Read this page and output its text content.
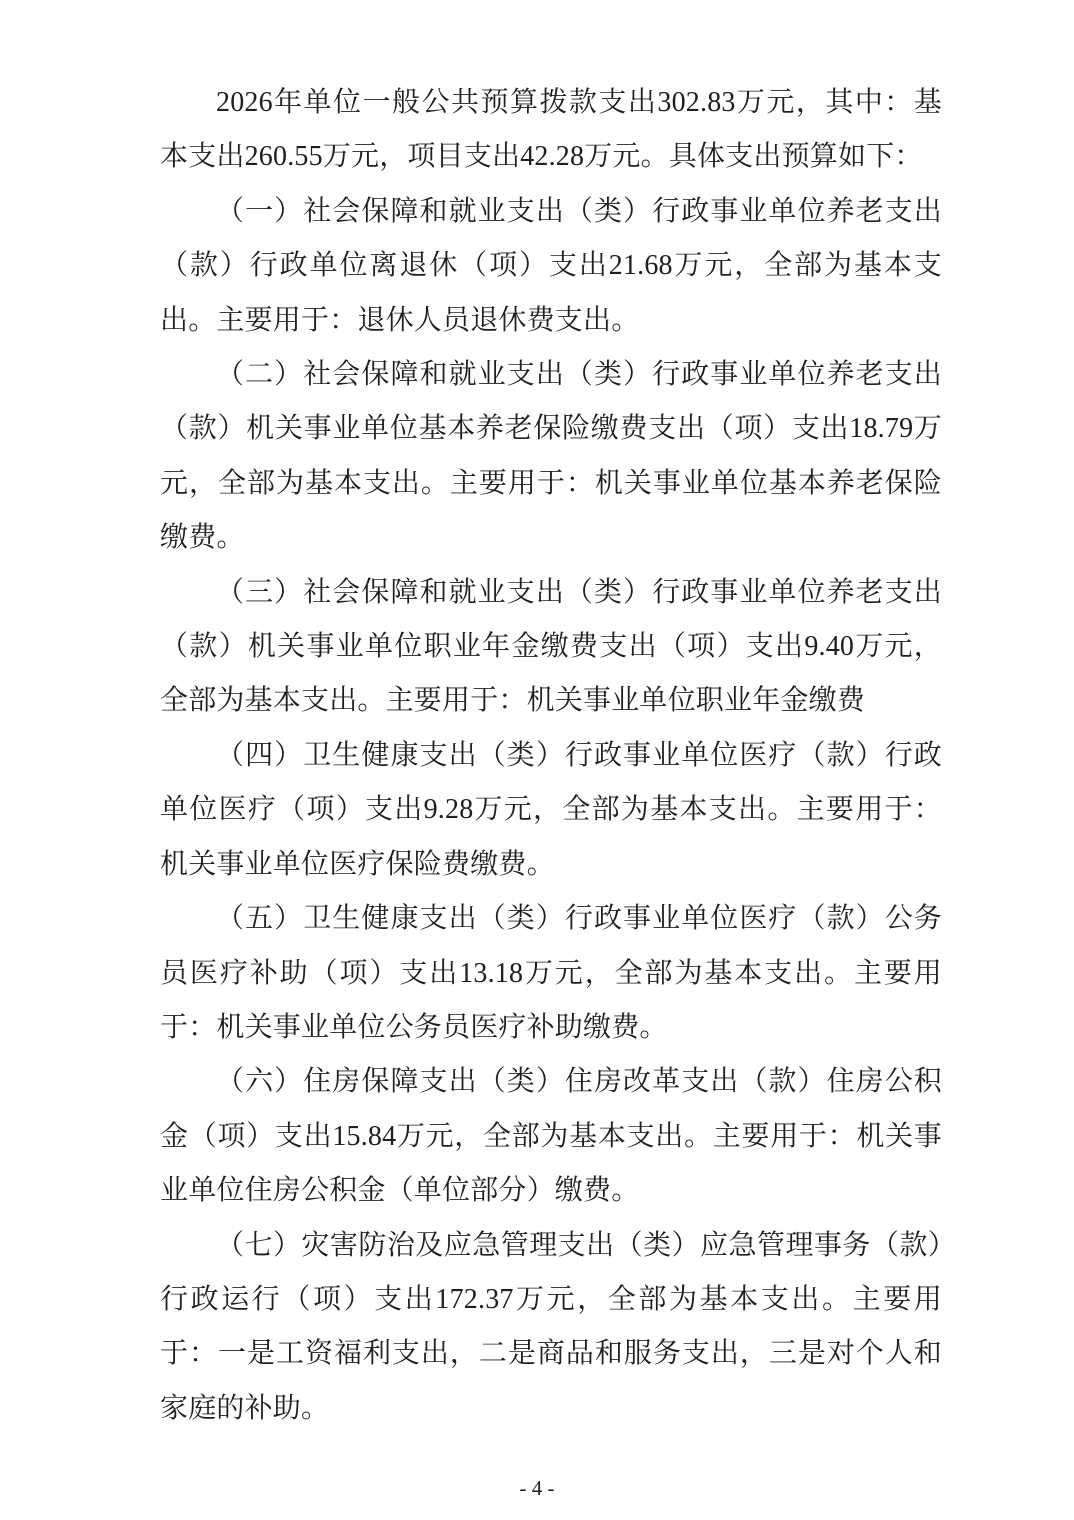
2026年单位一般公共预算拨款支出302.83万元，其中：基本支出260.55万元，项目支出42.28万元。具体支出预算如下：

（一）社会保障和就业支出（类）行政事业单位养老支出（款）行政单位离退休（项）支出21.68万元，全部为基本支出。主要用于：退休人员退休费支出。

（二）社会保障和就业支出（类）行政事业单位养老支出（款）机关事业单位基本养老保险缴费支出（项）支出18.79万元，全部为基本支出。主要用于：机关事业单位基本养老保险缴费。

（三）社会保障和就业支出（类）行政事业单位养老支出（款）机关事业单位职业年金缴费支出（项）支出9.40万元，全部为基本支出。主要用于：机关事业单位职业年金缴费

（四）卫生健康支出（类）行政事业单位医疗（款）行政单位医疗（项）支出9.28万元，全部为基本支出。主要用于：机关事业单位医疗保险费缴费。

（五）卫生健康支出（类）行政事业单位医疗（款）公务员医疗补助（项）支出13.18万元，全部为基本支出。主要用于：机关事业单位公务员医疗补助缴费。

（六）住房保障支出（类）住房改革支出（款）住房公积金（项）支出15.84万元，全部为基本支出。主要用于：机关事业单位住房公积金（单位部分）缴费。

（七）灾害防治及应急管理支出（类）应急管理事务（款）行政运行（项）支出172.37万元，全部为基本支出。主要用于：一是工资福利支出，二是商品和服务支出，三是对个人和家庭的补助。

- 4 -
